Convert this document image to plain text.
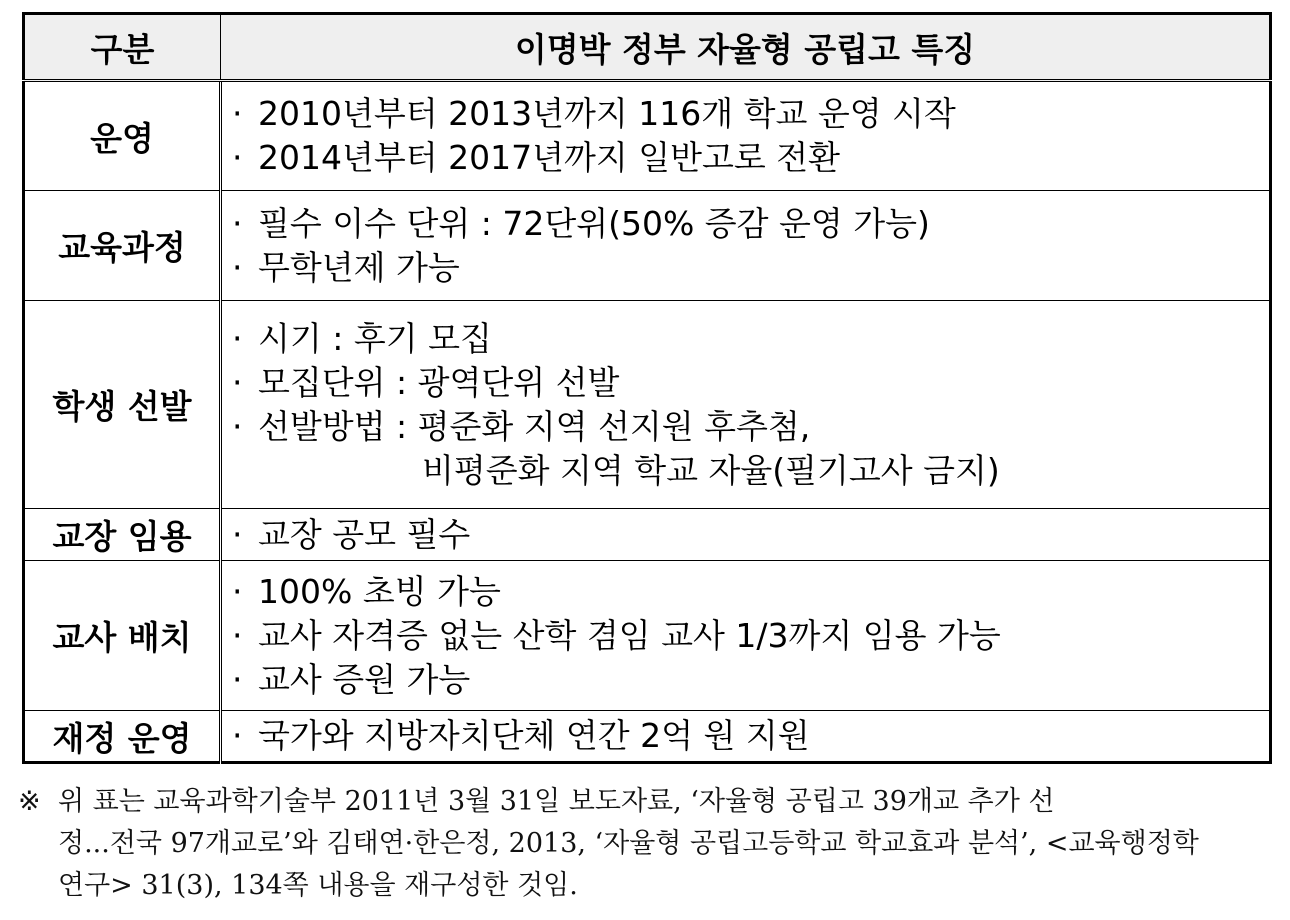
구분	이명박 정부 자율형 공립고 특징
운영	· 2010년부터 2013년까지 116개 학교 운영 시작
· 2014년부터 2017년까지 일반고로 전환

교육과정	· 필수 이수 단위 : 72단위(50% 증감 운영 가능)
· 무학년제 가능

학생 선발	· 시기 : 후기 모집
· 모집단위 : 광역단위 선발
· 선발방법 : 평준화 지역 선지원 후추첨,
비평준화 지역 학교 자율(필기고사 금지)

교장 임용	· 교장 공모 필수

교사 배치	· 100% 초빙 가능
· 교사 자격증 없는 산학 겸임 교사 1/3까지 임용 가능
· 교사 증원 가능

재정 운영	· 국가와 지방자치단체 연간 2억 원 지원
※ 위 표는 교육과학기술부 2011년 3월 31일 보도자료, ‘자율형 공립고 39개교 추가 선
정...전국 97개교로’와 김태연·한은정, 2013, ‘자율형 공립고등학교 학교효과 분석’, <교육행정학
연구> 31(3), 134쪽 내용을 재구성한 것임.
